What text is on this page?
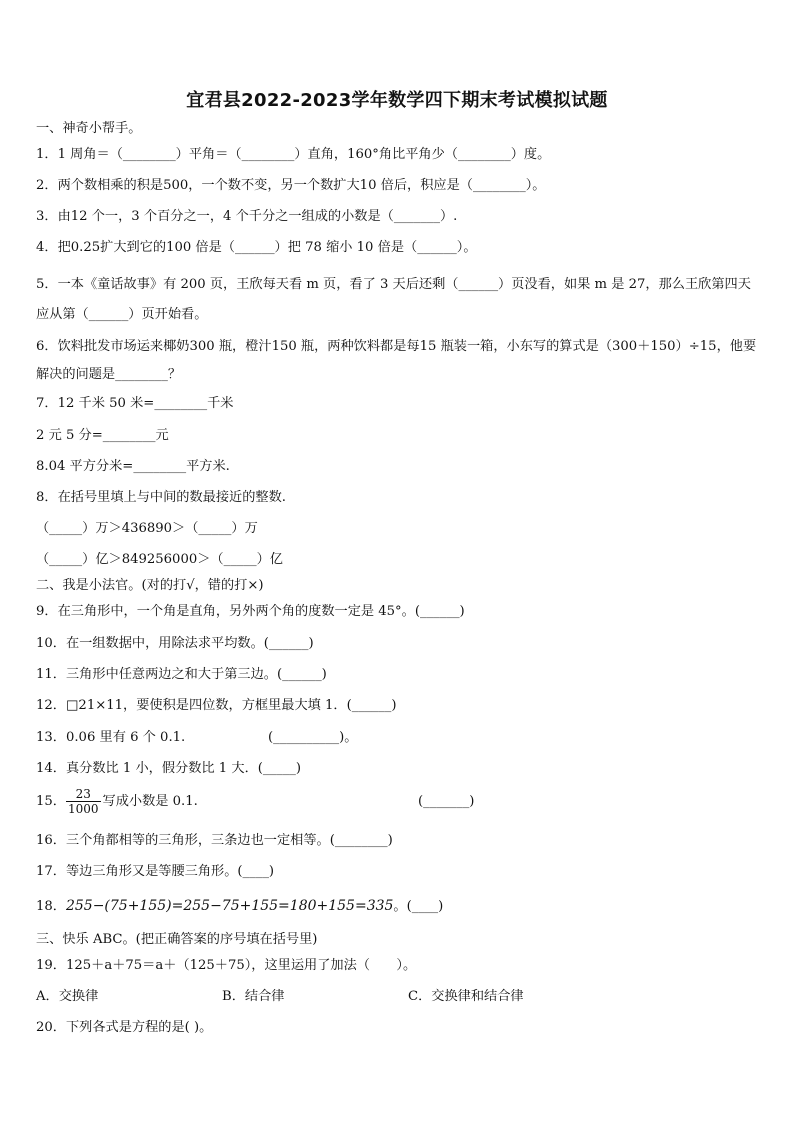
宜君县2022-2023学年数学四下期末考试模拟试题
一、神奇小帮手。
1．1 周角＝（________）平角＝（________）直角，160°角比平角少（________）度。
2．两个数相乘的积是500，一个数不变，另一个数扩大10 倍后，积应是（________）。
3．由12 个一，3 个百分之一，4 个千分之一组成的小数是（_______）.
4．把0.25扩大到它的100 倍是（______）把 78 缩小 10 倍是（______）。
5．一本《童话故事》有 200 页，王欣每天看 m 页，看了 3 天后还剩（______）页没看，如果 m 是 27，那么王欣第四天应从第（______）页开始看。
6．饮料批发市场运来椰奶300 瓶，橙汁150 瓶，两种饮料都是每15 瓶装一箱，小东写的算式是（300＋150）÷15，他要解决的问题是________？
7．12 千米 50 米=________千米
2 元 5 分=________元
8.04 平方分米=________平方米.
8．在括号里填上与中间的数最接近的整数.
（_____）万＞436890＞（_____）万
（_____）亿＞849256000＞（_____）亿
二、我是小法官。(对的打√，错的打×)
9．在三角形中，一个角是直角，另外两个角的度数一定是 45°。(______)
10．在一组数据中，用除法求平均数。(______)
11．三角形中任意两边之和大于第三边。(______)
12．□21×11，要使积是四位数，方框里最大填 1．(______)
13．0.06 里有 6 个 0.1.	(__________)。
14．真分数比 1 小，假分数比 1 大．(_____)
15． $\frac{23}{1000}$ 写成小数是 0.1.	(_______)
16．三个角都相等的三角形，三条边也一定相等。(________)
17．等边三角形又是等腰三角形。(____)
18．255−(75+155)=255−75+155=180+155=335。(____)
三、快乐 ABC。(把正确答案的序号填在括号里)
19．125＋a＋75＝a＋（125＋75），这里运用了加法（　　）。
A．交换律	B．结合律	C．交换律和结合律
20．下列各式是方程的是( )。
